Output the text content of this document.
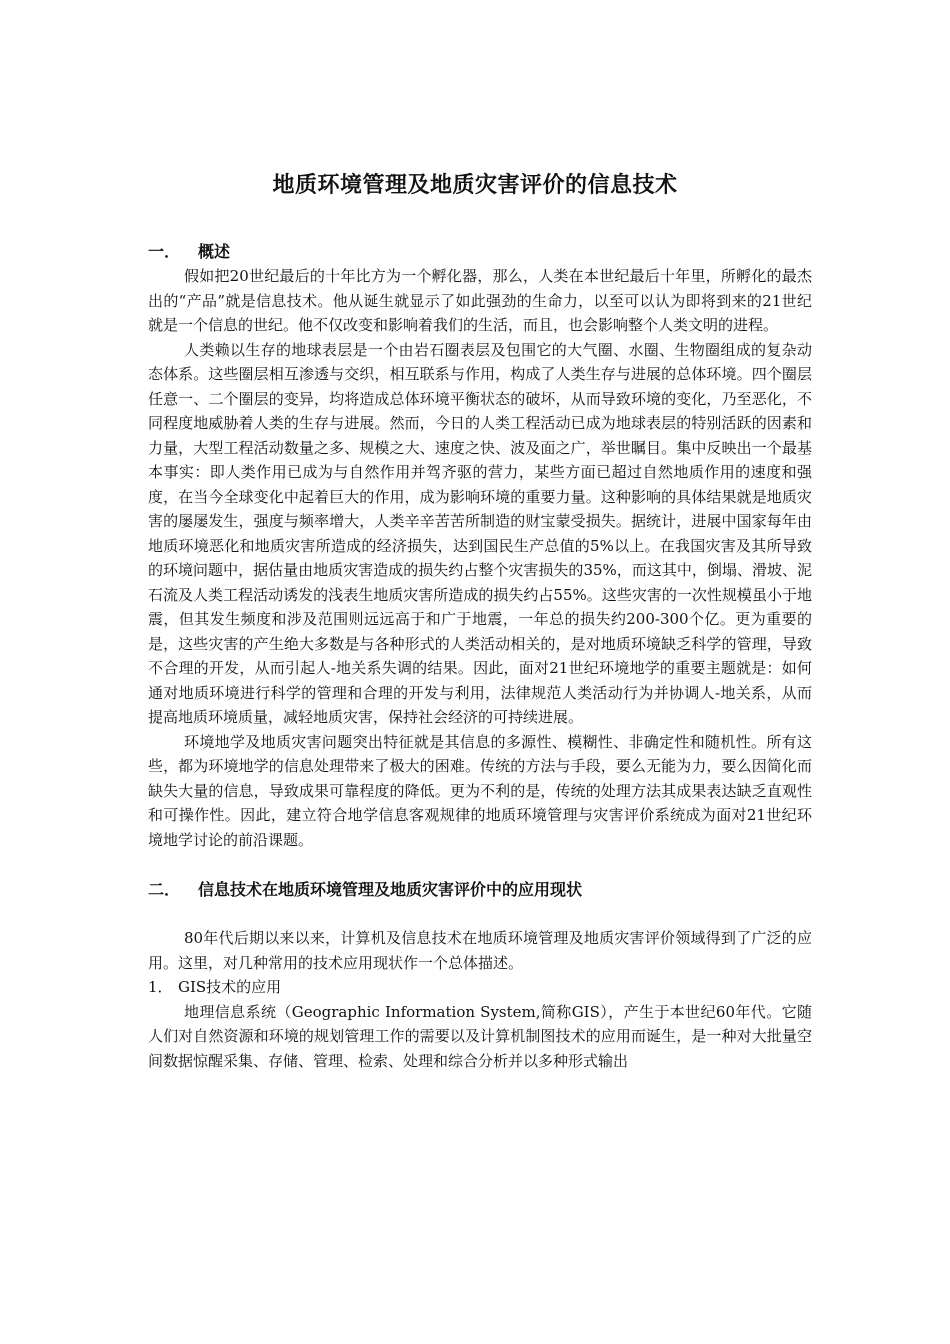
地质环境管理及地质灾害评价的信息技术
一． 概述

假如把20世纪最后的十年比方为一个孵化器，那么，人类在本世纪最后十年里，所孵化的最杰出的“产品”就是信息技术。他从诞生就显示了如此强劲的生命力，以至可以认为即将到来的21世纪就是一个信息的世纪。他不仅改变和影响着我们的生活，而且，也会影响整个人类文明的进程。

人类赖以生存的地球表层是一个由岩石圈表层及包围它的大气圈、水圈、生物圈组成的复杂动态体系。这些圈层相互渗透与交织，相互联系与作用，构成了人类生存与进展的总体环境。四个圈层任意一、二个圈层的变异，均将造成总体环境平衡状态的破坏，从而导致环境的变化，乃至恶化，不同程度地威胁着人类的生存与进展。然而，今日的人类工程活动已成为地球表层的特别活跃的因素和力量，大型工程活动数量之多、规模之大、速度之快、波及面之广，举世瞩目。集中反映出一个最基本事实：即人类作用已成为与自然作用并驾齐驱的营力，某些方面已超过自然地质作用的速度和强度，在当今全球变化中起着巨大的作用，成为影响环境的重要力量。这种影响的具体结果就是地质灾害的屡屡发生，强度与频率增大，人类辛辛苦苦所制造的财宝蒙受损失。据统计，进展中国家每年由地质环境恶化和地质灾害所造成的经济损失，达到国民生产总值的5%以上。在我国灾害及其所导致的环境问题中，据估量由地质灾害造成的损失约占整个灾害损失的35%，而这其中，倒塌、滑坡、泥石流及人类工程活动诱发的浅表生地质灾害所造成的损失约占55%。这些灾害的一次性规模虽小于地震，但其发生频度和涉及范围则远远高于和广于地震，一年总的损失约200-300个亿。更为重要的是，这些灾害的产生绝大多数是与各种形式的人类活动相关的，是对地质环境缺乏科学的管理，导致不合理的开发，从而引起人-地关系失调的结果。因此，面对21世纪环境地学的重要主题就是：如何通对地质环境进行科学的管理和合理的开发与利用，法律规范人类活动行为并协调人-地关系，从而提高地质环境质量，减轻地质灾害，保持社会经济的可持续进展。

环境地学及地质灾害问题突出特征就是其信息的多源性、模糊性、非确定性和随机性。所有这些，都为环境地学的信息处理带来了极大的困难。传统的方法与手段，要么无能为力，要么因简化而缺失大量的信息，导致成果可靠程度的降低。更为不利的是，传统的处理方法其成果表达缺乏直观性和可操作性。因此，建立符合地学信息客观规律的地质环境管理与灾害评价系统成为面对21世纪环境地学讨论的前沿课题。

二． 信息技术在地质环境管理及地质灾害评价中的应用现状

80年代后期以来以来，计算机及信息技术在地质环境管理及地质灾害评价领域得到了广泛的应用。这里，对几种常用的技术应用现状作一个总体描述。

1． GIS技术的应用

地理信息系统（Geographic Information System,简称GIS），产生于本世纪60年代。它随人们对自然资源和环境的规划管理工作的需要以及计算机制图技术的应用而诞生，是一种对大批量空间数据惊醒采集、存储、管理、检索、处理和综合分析并以多种形式输出
